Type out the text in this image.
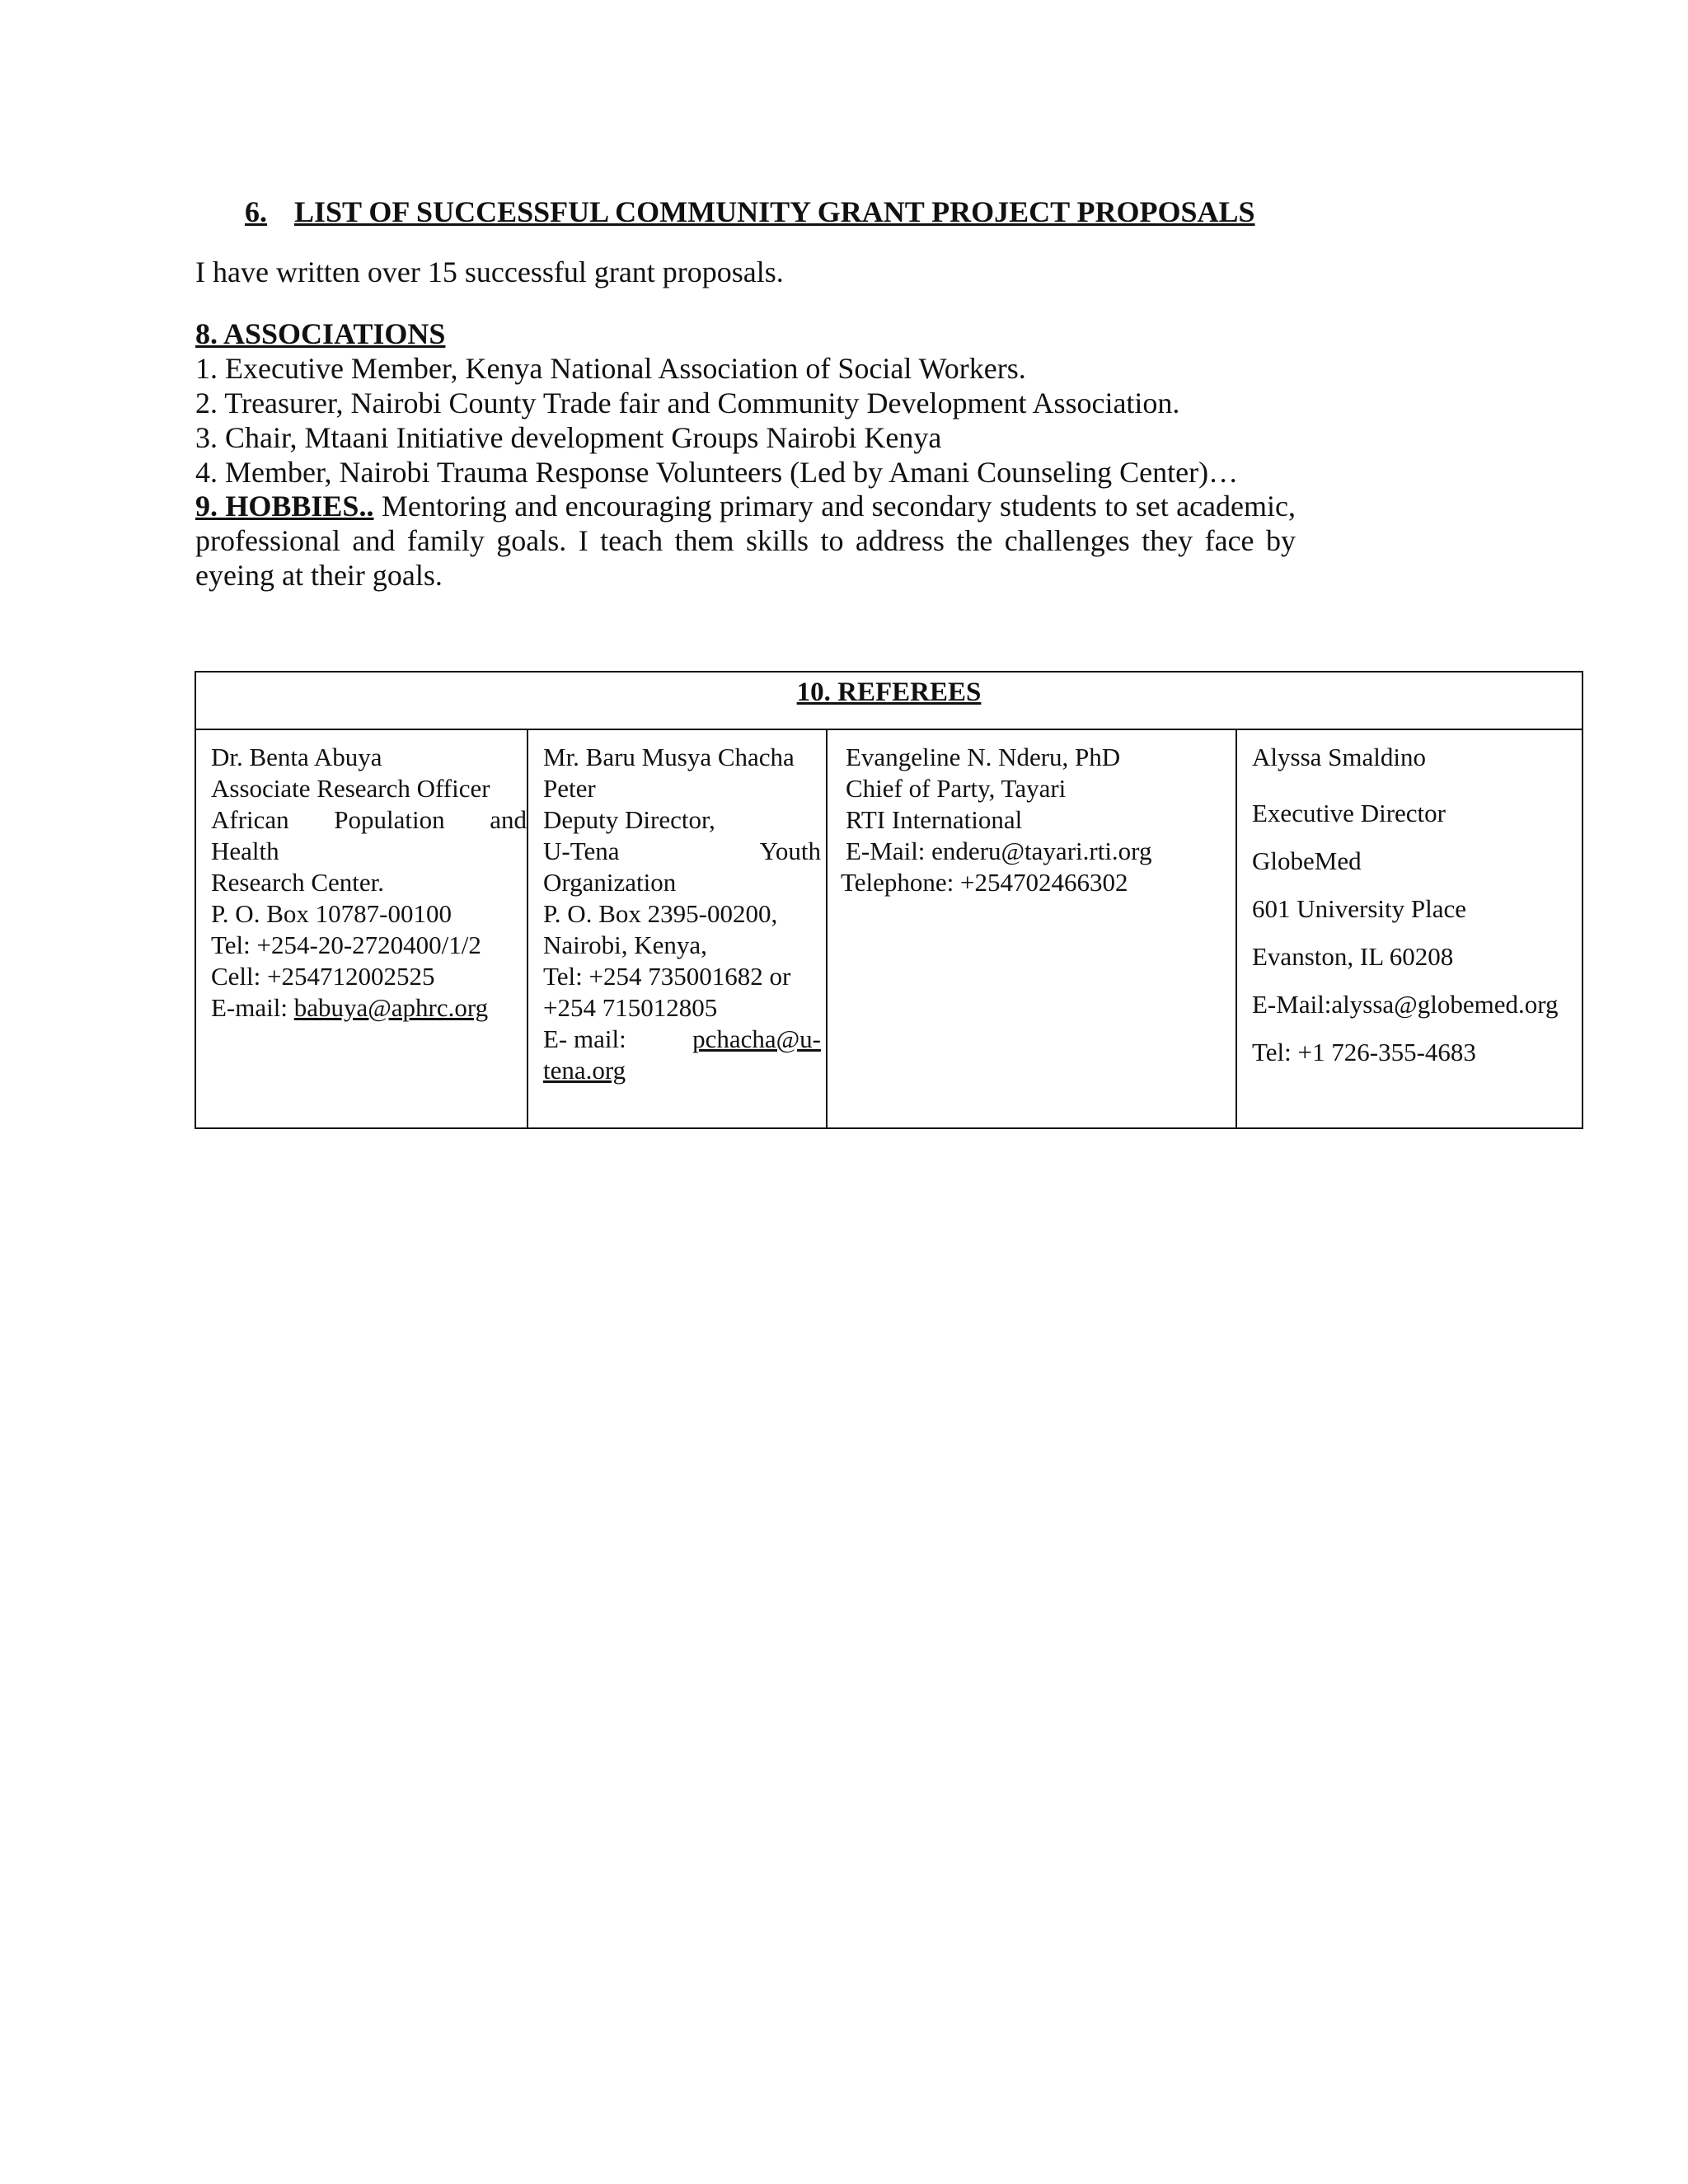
6. LIST OF SUCCESSFUL COMMUNITY GRANT PROJECT PROPOSALS
I have written over 15 successful grant proposals.
8. ASSOCIATIONS
1. Executive Member, Kenya National Association of Social Workers.
2. Treasurer, Nairobi County Trade fair and Community Development Association.
3. Chair, Mtaani Initiative development Groups Nairobi Kenya
4. Member, Nairobi Trauma Response Volunteers (Led by Amani Counseling Center)…
9. HOBBIES.. Mentoring and encouraging primary and secondary students to set academic, professional and family goals. I teach them skills to address the challenges they face by eyeing at their goals.
10. REFEREES
Dr. Benta Abuya
Associate Research Officer
African Population and
Health
Research Center.
P. O. Box 10787-00100
Tel: +254-20-2720400/1/2
Cell: +254712002525
E-mail: babuya@aphrc.org
Mr. Baru Musya Chacha
Peter
Deputy Director,
U-Tena	Youth
Organization
P. O. Box 2395-00200,
Nairobi, Kenya,
Tel: +254 735001682 or
+254 715012805
E- mail:	pchacha@u-
tena.org
Evangeline N. Nderu, PhD
Chief of Party, Tayari
RTI International
E-Mail: enderu@tayari.rti.org
Telephone: +254702466302
Alyssa Smaldino
Executive Director
GlobeMed
601 University Place
Evanston, IL 60208
E-Mail:alyssa@globemed.org
Tel: +1 726-355-4683
